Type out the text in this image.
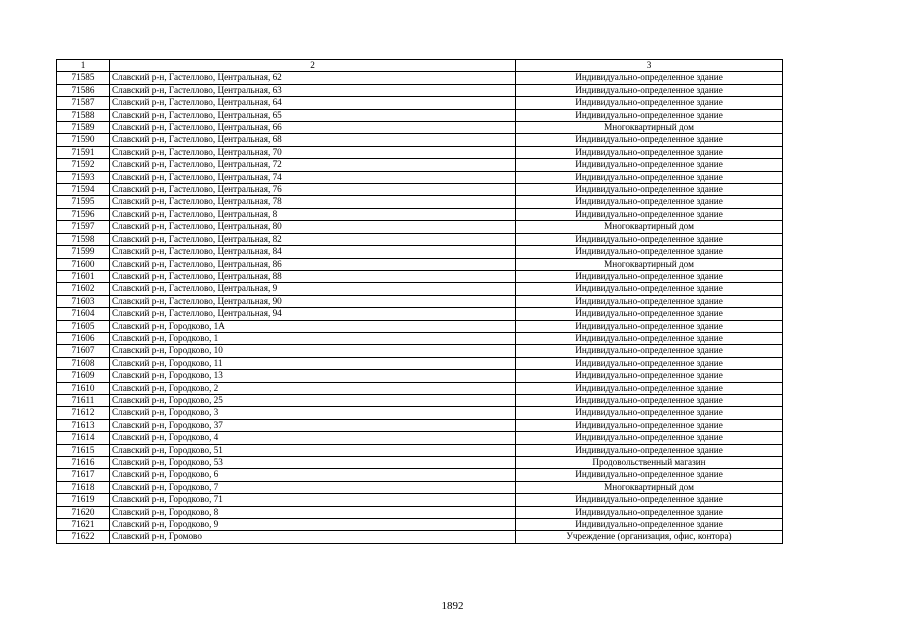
1	2	3
71585	Славский р-н, Гастеллово, Центральная, 62	Индивидуально-определенное здание
71586	Славский р-н, Гастеллово, Центральная, 63	Индивидуально-определенное здание
71587	Славский р-н, Гастеллово, Центральная, 64	Индивидуально-определенное здание
71588	Славский р-н, Гастеллово, Центральная, 65	Индивидуально-определенное здание
71589	Славский р-н, Гастеллово, Центральная, 66	Многоквартирный дом
71590	Славский р-н, Гастеллово, Центральная, 68	Индивидуально-определенное здание
71591	Славский р-н, Гастеллово, Центральная, 70	Индивидуально-определенное здание
71592	Славский р-н, Гастеллово, Центральная, 72	Индивидуально-определенное здание
71593	Славский р-н, Гастеллово, Центральная, 74	Индивидуально-определенное здание
71594	Славский р-н, Гастеллово, Центральная, 76	Индивидуально-определенное здание
71595	Славский р-н, Гастеллово, Центральная, 78	Индивидуально-определенное здание
71596	Славский р-н, Гастеллово, Центральная, 8	Индивидуально-определенное здание
71597	Славский р-н, Гастеллово, Центральная, 80	Многоквартирный дом
71598	Славский р-н, Гастеллово, Центральная, 82	Индивидуально-определенное здание
71599	Славский р-н, Гастеллово, Центральная, 84	Индивидуально-определенное здание
71600	Славский р-н, Гастеллово, Центральная, 86	Многоквартирный дом
71601	Славский р-н, Гастеллово, Центральная, 88	Индивидуально-определенное здание
71602	Славский р-н, Гастеллово, Центральная, 9	Индивидуально-определенное здание
71603	Славский р-н, Гастеллово, Центральная, 90	Индивидуально-определенное здание
71604	Славский р-н, Гастеллово, Центральная, 94	Индивидуально-определенное здание
71605	Славский р-н, Городково, 1А	Индивидуально-определенное здание
71606	Славский р-н, Городково, 1	Индивидуально-определенное здание
71607	Славский р-н, Городково, 10	Индивидуально-определенное здание
71608	Славский р-н, Городково, 11	Индивидуально-определенное здание
71609	Славский р-н, Городково, 13	Индивидуально-определенное здание
71610	Славский р-н, Городково, 2	Индивидуально-определенное здание
71611	Славский р-н, Городково, 25	Индивидуально-определенное здание
71612	Славский р-н, Городково, 3	Индивидуально-определенное здание
71613	Славский р-н, Городково, 37	Индивидуально-определенное здание
71614	Славский р-н, Городково, 4	Индивидуально-определенное здание
71615	Славский р-н, Городково, 51	Индивидуально-определенное здание
71616	Славский р-н, Городково, 53	Продовольственный магазин
71617	Славский р-н, Городково, 6	Индивидуально-определенное здание
71618	Славский р-н, Городково, 7	Многоквартирный дом
71619	Славский р-н, Городково, 71	Индивидуально-определенное здание
71620	Славский р-н, Городково, 8	Индивидуально-определенное здание
71621	Славский р-н, Городково, 9	Индивидуально-определенное здание
71622	Славский р-н, Громово	Учреждение (организация, офис, контора)
1892
